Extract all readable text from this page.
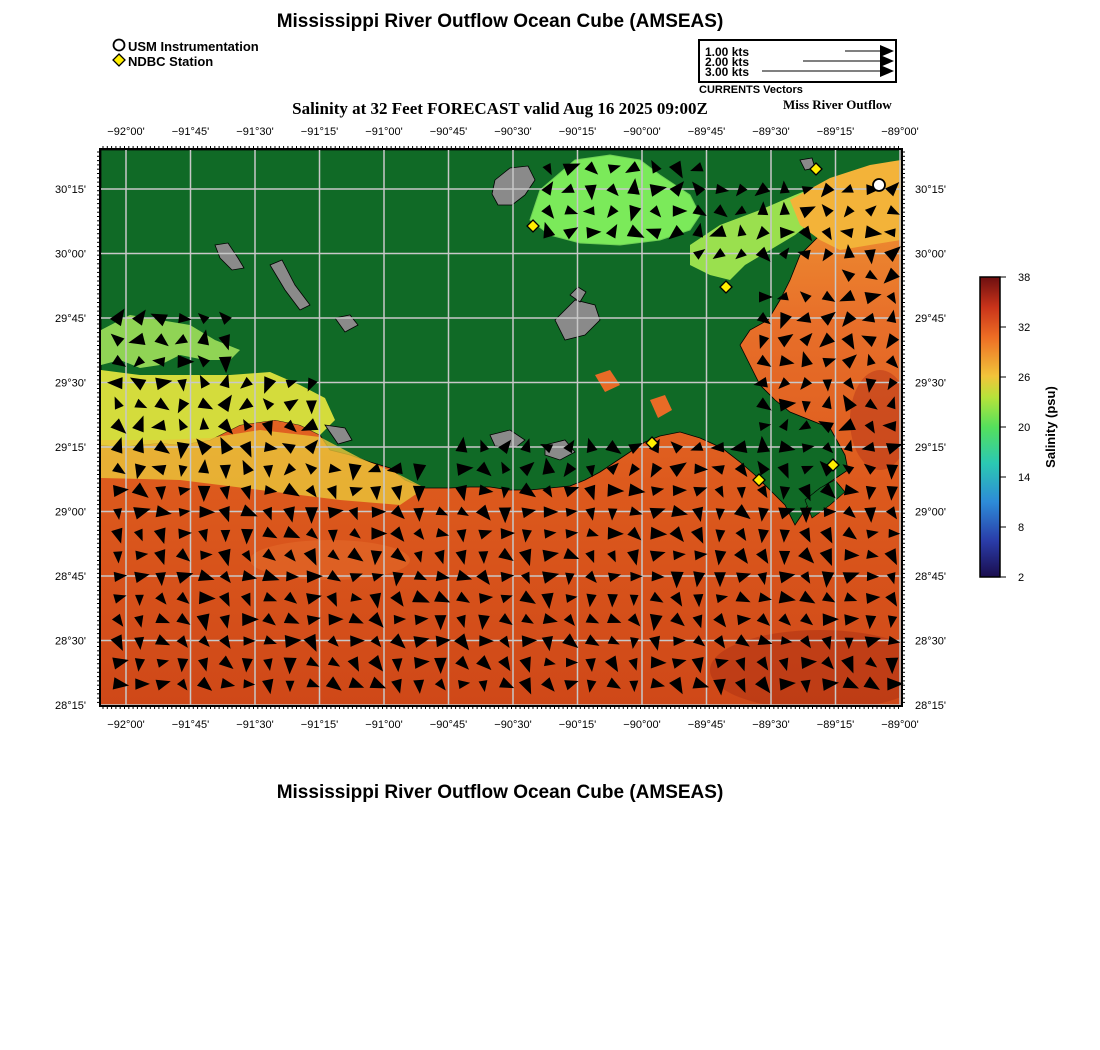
Mississippi River Outflow Ocean Cube (AMSEAS)
USM Instrumentation
NDBC Station
1.00 kts
2.00 kts
3.00 kts
CURRENTS Vectors
Salinity at 32 Feet FORECAST valid Aug 16 2025 09:00Z	Miss River Outflow
−92°00' −91°45' −91°30' −91°15' −91°00' −90°45' −90°30' −90°15' −90°00' −89°45' −89°30' −89°15' −89°00'
−92°00' −91°45' −91°30' −91°15' −91°00' −90°45' −90°30' −90°15' −90°00' −89°45' −89°30' −89°15' −89°00'
30°15'
30°00'
29°45'
29°30'
29°15'
29°00'
28°45'
28°30'
28°15'
30°15'
30°00'
29°45'
29°30'
29°15'
29°00'
28°45'
28°30'
28°15'
38
32
26
20
14
8
2
Salinity (psu)
Mississippi River Outflow Ocean Cube (AMSEAS)
